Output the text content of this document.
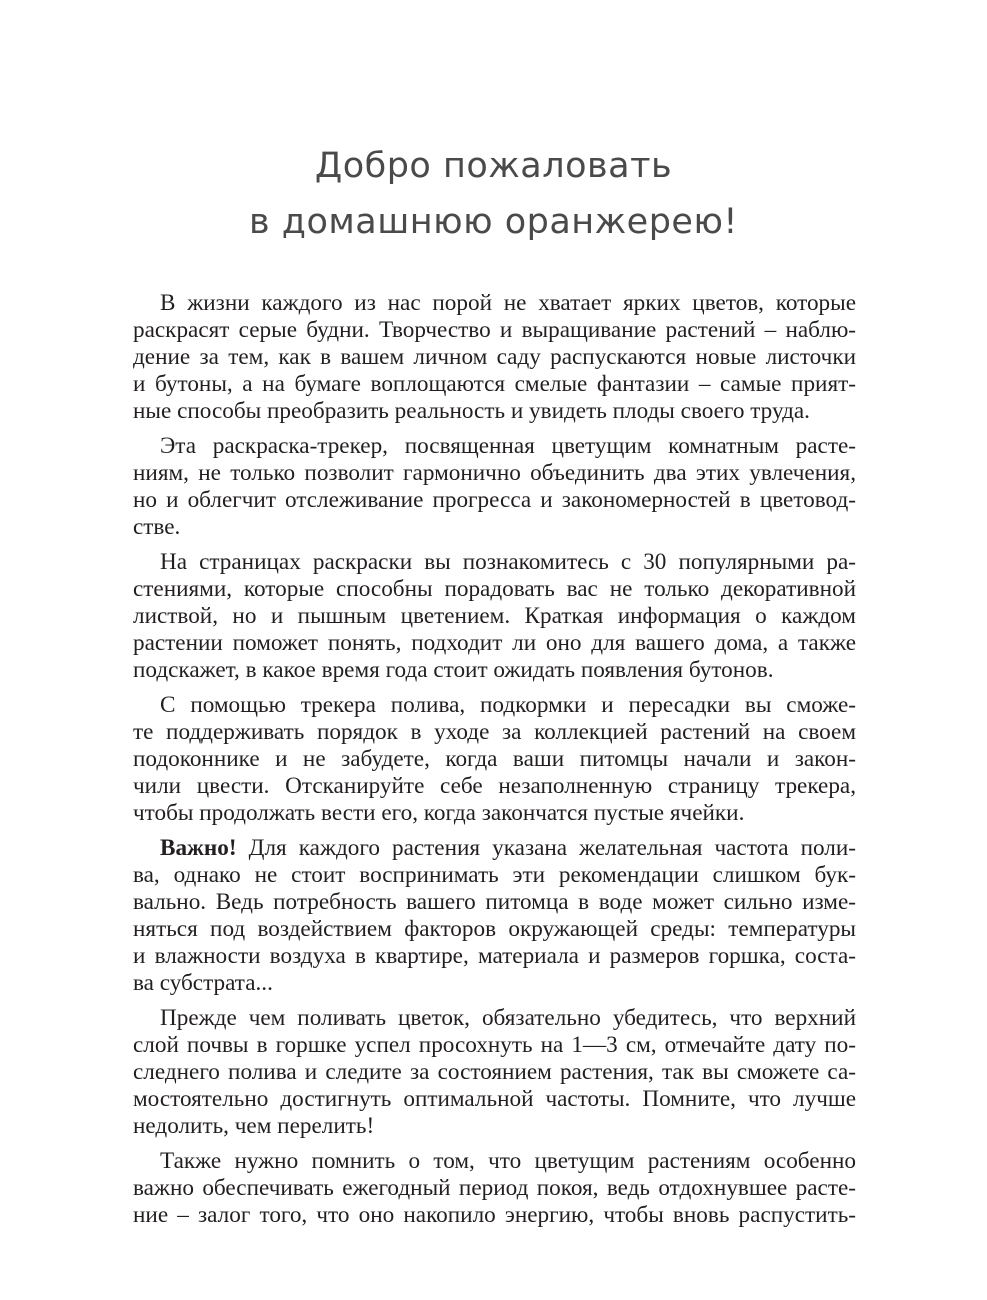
Добро пожаловать
в домашнюю оранжерею!
В жизни каждого из нас порой не хватает ярких цветов, которые
раскрасят серые будни. Творчество и выращивание растений – наблю-
дение за тем, как в вашем личном саду распускаются новые листочки
и бутоны, а на бумаге воплощаются смелые фантазии – самые прият-
ные способы преобразить реальность и увидеть плоды своего труда.
Эта раскраска-трекер, посвященная цветущим комнатным расте-
ниям, не только позволит гармонично объединить два этих увлечения,
но и облегчит отслеживание прогресса и закономерностей в цветовод-
стве.
На страницах раскраски вы познакомитесь с 30 популярными ра-
стениями, которые способны порадовать вас не только декоративной
листвой, но и пышным цветением. Краткая информация о каждом
растении поможет понять, подходит ли оно для вашего дома, а также
подскажет, в какое время года стоит ожидать появления бутонов.
С помощью трекера полива, подкормки и пересадки вы сможе-
те поддерживать порядок в уходе за коллекцией растений на своем
подоконнике и не забудете, когда ваши питомцы начали и закон-
чили цвести. Отсканируйте себе незаполненную страницу трекера,
чтобы продолжать вести его, когда закончатся пустые ячейки.
Важно! Для каждого растения указана желательная частота поли-
ва, однако не стоит воспринимать эти рекомендации слишком бук-
вально. Ведь потребность вашего питомца в воде может сильно изме-
няться под воздействием факторов окружающей среды: температуры
и влажности воздуха в квартире, материала и размеров горшка, соста-
ва субстрата...
Прежде чем поливать цветок, обязательно убедитесь, что верхний
слой почвы в горшке успел просохнуть на 1—3 см, отмечайте дату по-
следнего полива и следите за состоянием растения, так вы сможете са-
мостоятельно достигнуть оптимальной частоты. Помните, что лучше
недолить, чем перелить!
Также нужно помнить о том, что цветущим растениям особенно
важно обеспечивать ежегодный период покоя, ведь отдохнувшее расте-
ние – залог того, что оно накопило энергию, чтобы вновь распустить-
